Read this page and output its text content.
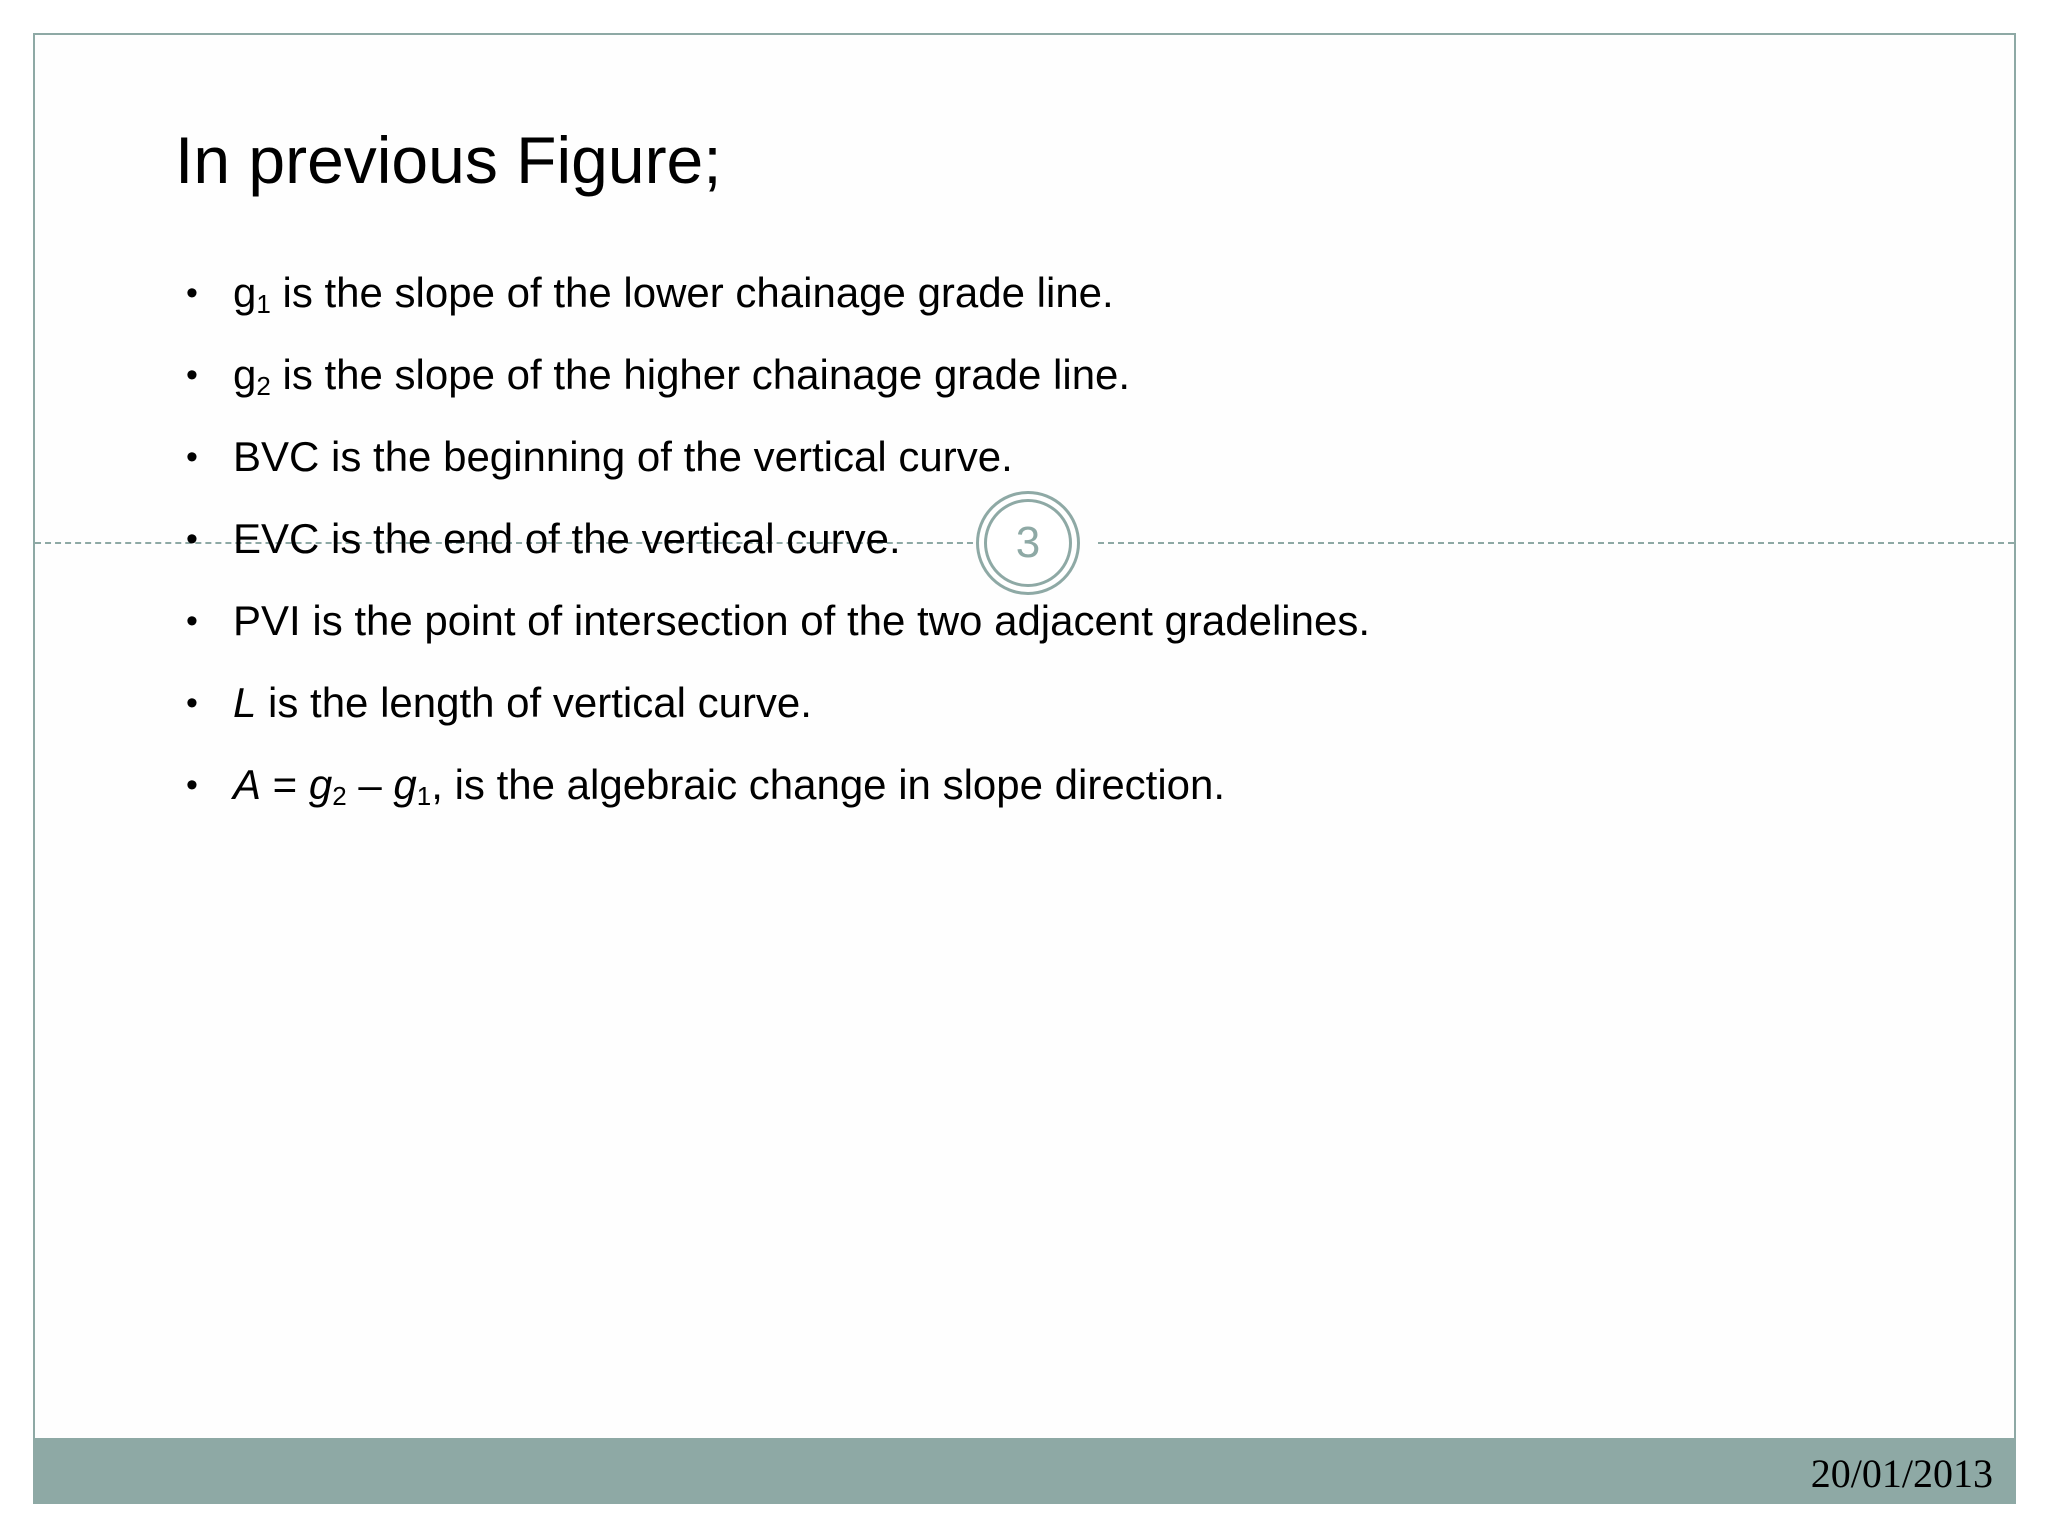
In previous Figure;
• $g_1$ is the slope of the lower chainage grade line.
• $g_2$ is the slope of the higher chainage grade line.
• BVC is the beginning of the vertical curve.
• EVC is the end of the vertical curve.
• PVI is the point of intersection of the two adjacent gradelines.
• L is the length of vertical curve.
• $A = g_2 - g_1$, is the algebraic change in slope direction.
3
20/01/2013
